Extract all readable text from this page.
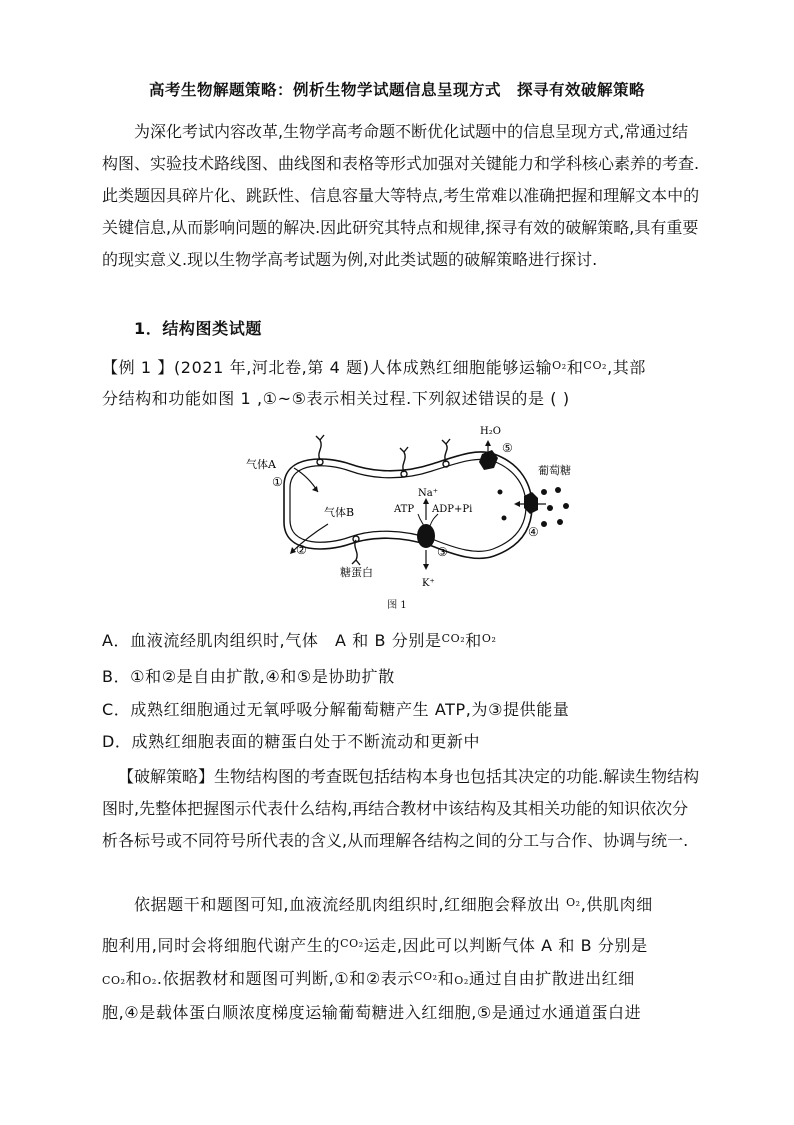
高考生物解题策略：例析生物学试题信息呈现方式　探寻有效破解策略

为深化考试内容改革,生物学高考命题不断优化试题中的信息呈现方式,常通过结构图、实验技术路线图、曲线图和表格等形式加强对关键能力和学科核心素养的考查.此类题因具碎片化、跳跃性、信息容量大等特点,考生常难以准确把握和理解文本中的关键信息,从而影响问题的解决.因此研究其特点和规律,探寻有效的破解策略,具有重要的现实意义.现以生物学高考试题为例,对此类试题的破解策略进行探讨.

1．结构图类试题
【例 1 】(2021 年,河北卷,第 4 题)人体成熟红细胞能够运输$^{O_2}$和$^{CO_2}$,其部
分结构和功能如图 1 ,①~⑤表示相关过程.下列叙述错误的是 ( )
气体A
①
气体B
②
糖蛋白
Na⁺
K⁺
ATP ADP+Pi
③
H₂O
⑤
④
葡萄糖
图 1
A．血液流经肌肉组织时,气体　A 和 B 分别是$^{CO_2}$和$^{O_2}$
B．①和②是自由扩散,④和⑤是协助扩散
C．成熟红细胞通过无氧呼吸分解葡萄糖产生 ATP,为③提供能量
D．成熟红细胞表面的糖蛋白处于不断流动和更新中

【破解策略】生物结构图的考查既包括结构本身也包括其决定的功能.解读生物结构图时,先整体把握图示代表什么结构,再结合教材中该结构及其相关功能的知识依次分析各标号或不同符号所代表的含义,从而理解各结构之间的分工与合作、协调与统一.

依据题干和题图可知,血液流经肌肉组织时,红细胞会释放出 $^{O_2}$,供肌肉细
胞利用,同时会将细胞代谢产生的$^{CO_2}$运走,因此可以判断气体 A 和 B 分别是
CO₂和O₂.依据教材和题图可判断,①和②表示$^{CO_2}$和O₂通过自由扩散进出红细
胞,④是载体蛋白顺浓度梯度运输葡萄糖进入红细胞,⑤是通过水通道蛋白进
